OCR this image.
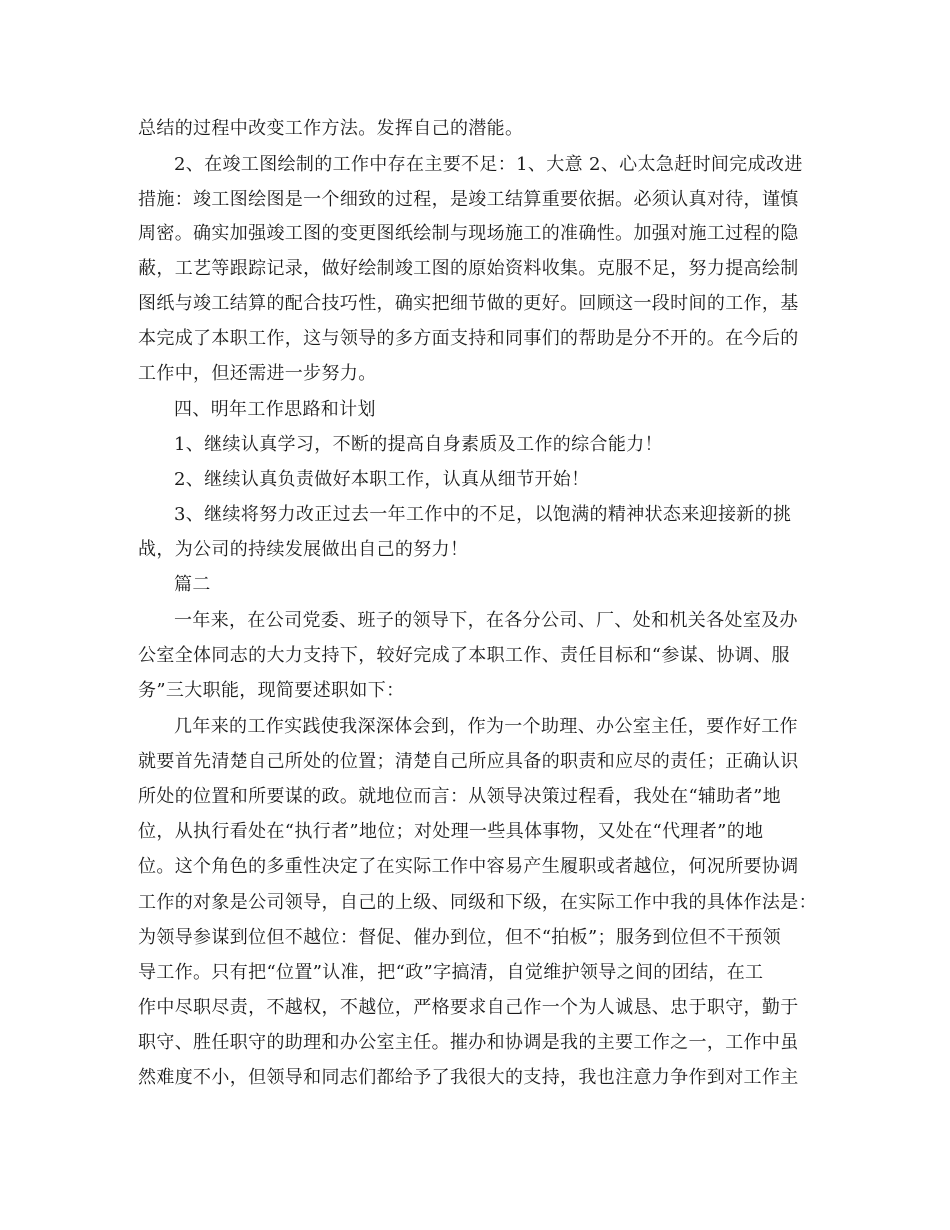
总结的过程中改变工作方法。发挥自己的潜能。
2、在竣工图绘制的工作中存在主要不足：1、大意 2、心太急赶时间完成改进
措施：竣工图绘图是一个细致的过程，是竣工结算重要依据。必须认真对待，谨慎
周密。确实加强竣工图的变更图纸绘制与现场施工的准确性。加强对施工过程的隐
蔽，工艺等跟踪记录，做好绘制竣工图的原始资料收集。克服不足，努力提高绘制
图纸与竣工结算的配合技巧性，确实把细节做的更好。回顾这一段时间的工作，基
本完成了本职工作，这与领导的多方面支持和同事们的帮助是分不开的。在今后的
工作中，但还需进一步努力。
四、明年工作思路和计划
1、继续认真学习，不断的提高自身素质及工作的综合能力！
2、继续认真负责做好本职工作，认真从细节开始！
3、继续将努力改正过去一年工作中的不足，以饱满的精神状态来迎接新的挑
战，为公司的持续发展做出自己的努力！
篇二
一年来，在公司党委、班子的领导下，在各分公司、厂、处和机关各处室及办
公室全体同志的大力支持下，较好完成了本职工作、责任目标和“参谋、协调、服
务”三大职能，现简要述职如下：
几年来的工作实践使我深深体会到，作为一个助理、办公室主任，要作好工作
就要首先清楚自己所处的位置；清楚自己所应具备的职责和应尽的责任；正确认识
所处的位置和所要谋的政。就地位而言：从领导决策过程看，我处在“辅助者”地
位，从执行看处在“执行者”地位；对处理一些具体事物，又处在“代理者”的地
位。这个角色的多重性决定了在实际工作中容易产生履职或者越位，何况所要协调
工作的对象是公司领导，自己的上级、同级和下级，在实际工作中我的具体作法是：
为领导参谋到位但不越位：督促、催办到位，但不“拍板”；服务到位但不干预领
导工作。只有把“位置”认准，把“政”字搞清，自觉维护领导之间的团结，在工
作中尽职尽责，不越权，不越位，严格要求自己作一个为人诚恳、忠于职守，勤于
职守、胜任职守的助理和办公室主任。摧办和协调是我的主要工作之一，工作中虽
然难度不小，但领导和同志们都给予了我很大的支持，我也注意力争作到对工作主
